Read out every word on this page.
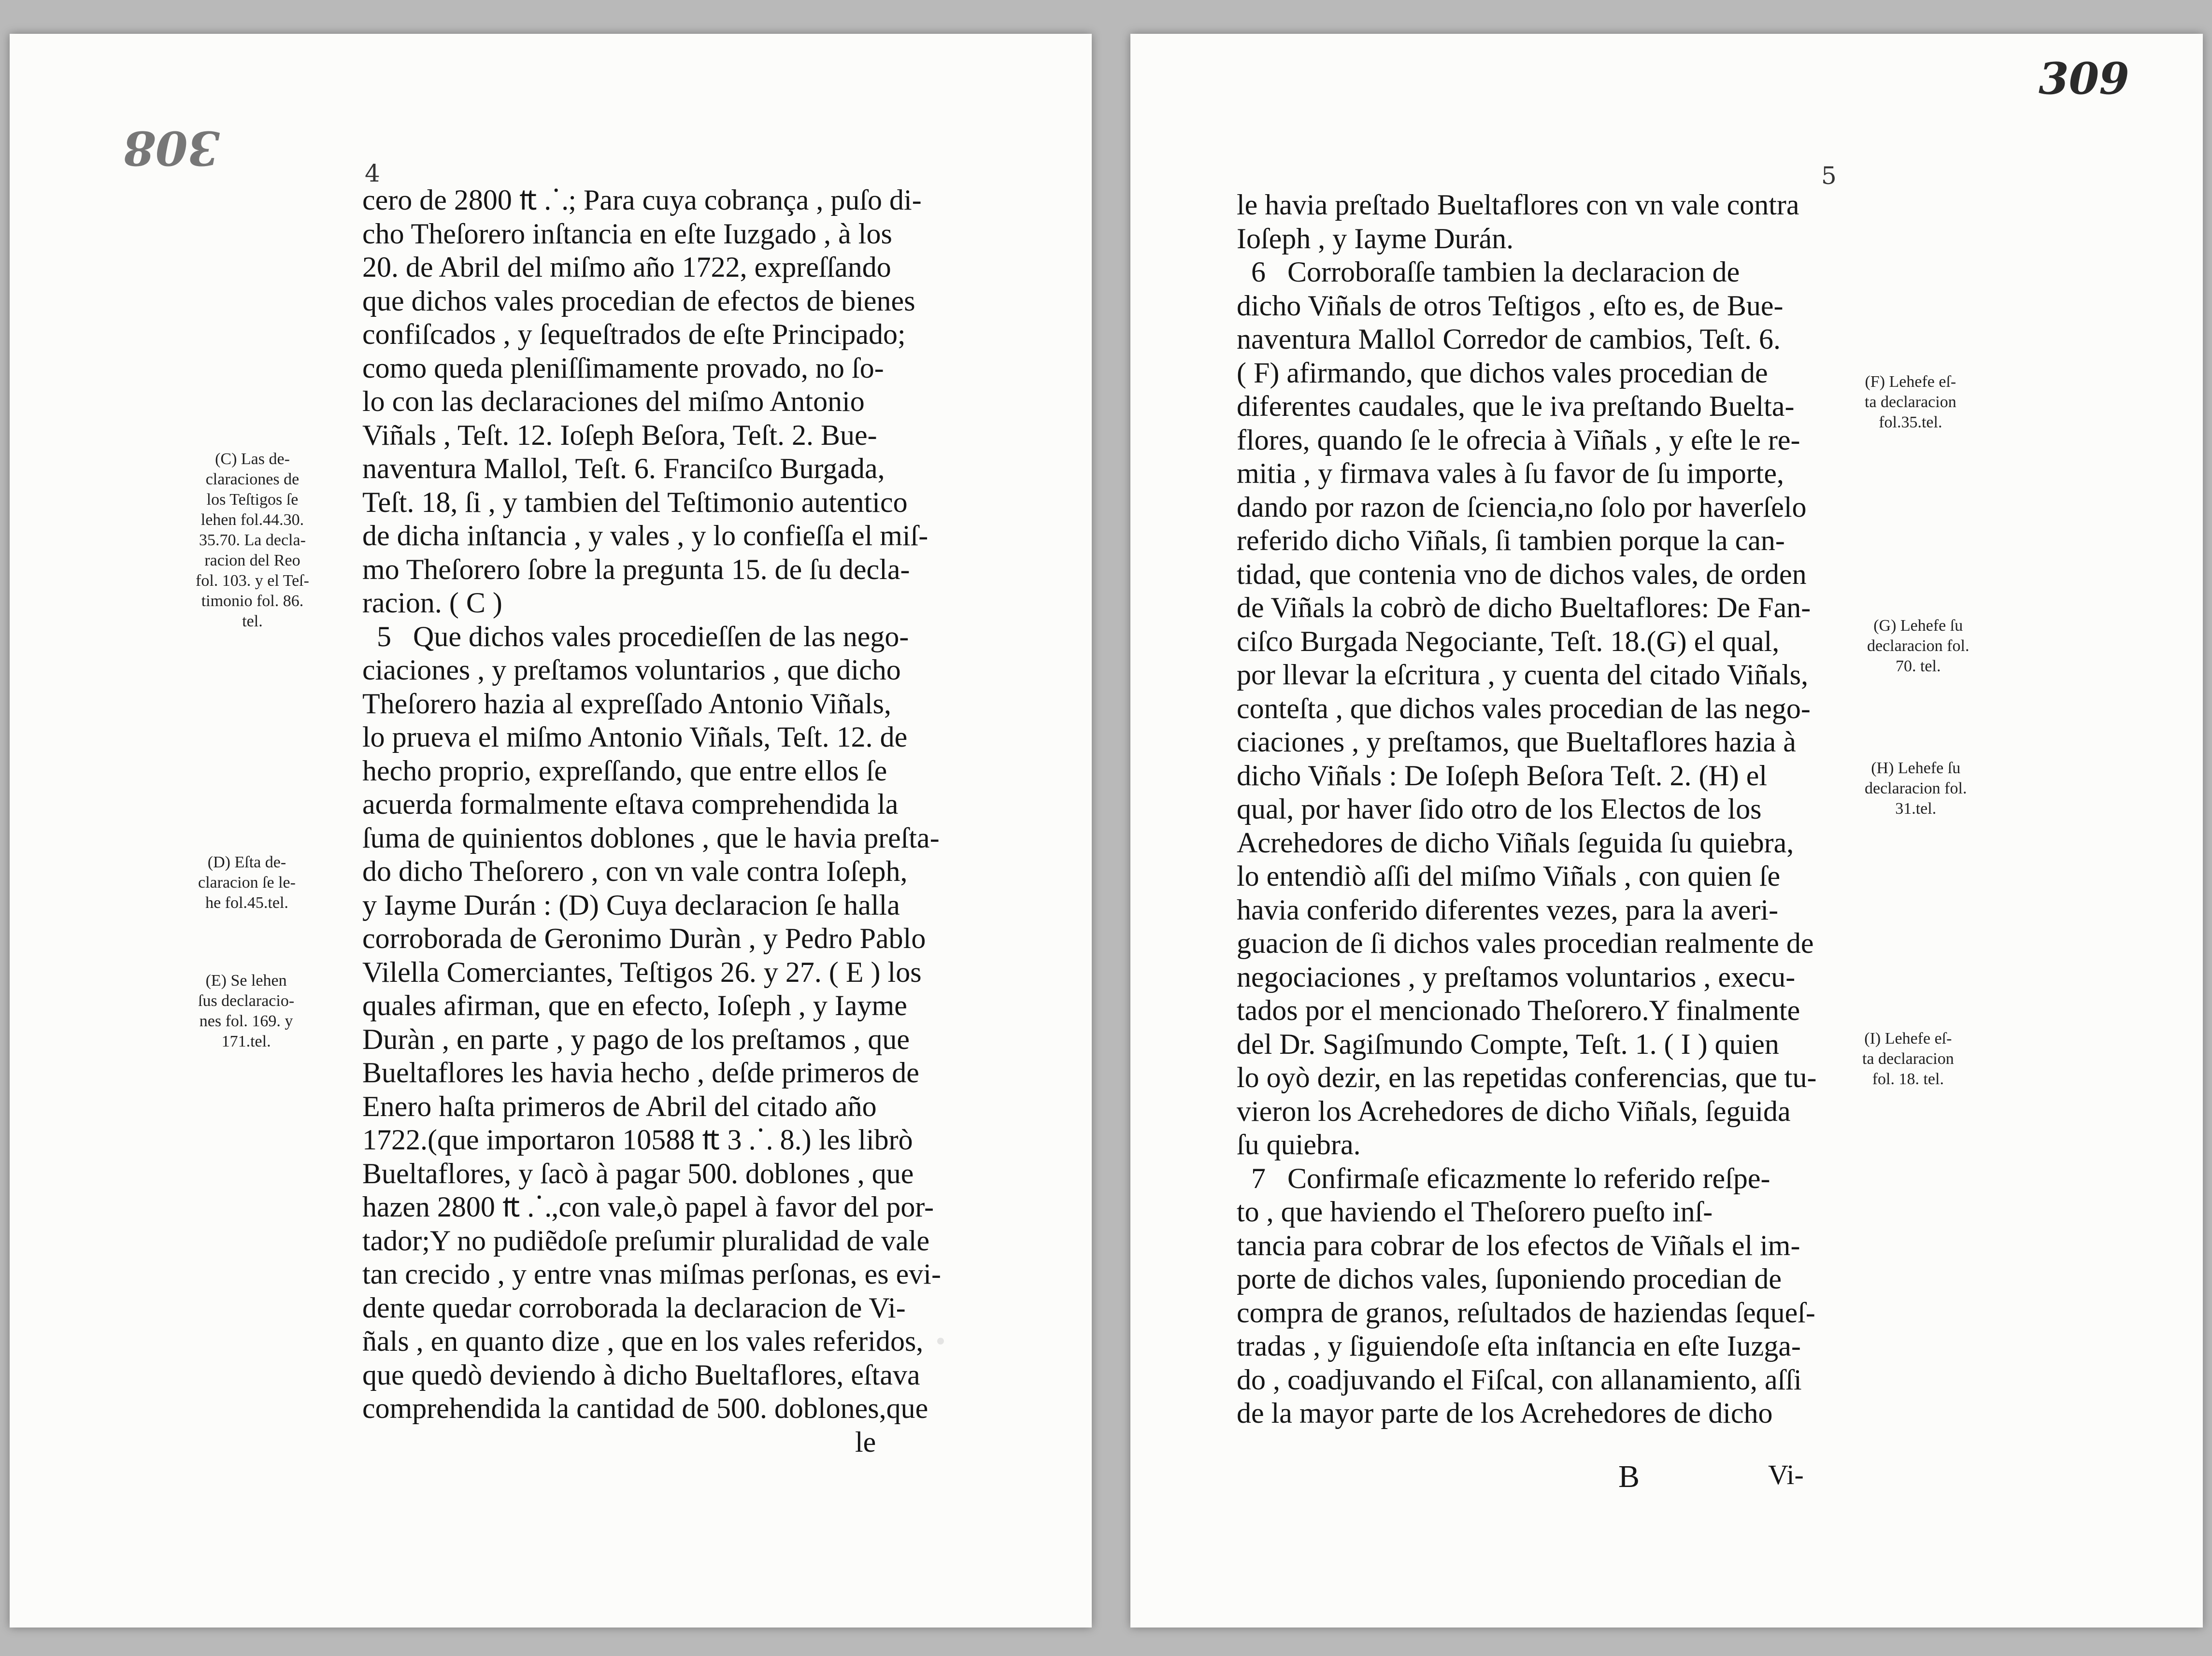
308	4
cero de 2800 ₶ ⸫; Para cuya cobrança , puſo di-
cho Theſorero inſtancia en eſte Iuzgado , à los
20. de Abril del miſmo año 1722, expreſſando
que dichos vales procedian de efectos de bienes
confiſcados , y ſequeſtrados de eſte Principado;
como queda pleniſſimamente provado, no ſo-
lo con las declaraciones del miſmo Antonio
Viñals , Teſt. 12. Ioſeph Beſora, Teſt. 2. Bue-
naventura Mallol, Teſt. 6. Franciſco Burgada,
Teſt. 18, ſi , y tambien del Teſtimonio autentico
de dicha inſtancia , y vales , y lo confieſſa el miſ-
mo Theſorero ſobre la pregunta 15. de ſu decla-
racion. ( C )
5   Que dichos vales procedieſſen de las nego-
ciaciones , y preſtamos voluntarios , que dicho
Theſorero hazia al expreſſado Antonio Viñals,
lo prueva el miſmo Antonio Viñals, Teſt. 12. de
hecho proprio, expreſſando, que entre ellos ſe
acuerda formalmente eſtava comprehendida la
ſuma de quinientos doblones , que le havia preſta-
do dicho Theſorero , con vn vale contra Ioſeph,
y Iayme Durán : (D) Cuya declaracion ſe halla
corroborada de Geronimo Duràn , y Pedro Pablo
Vilella Comerciantes, Teſtigos 26. y 27. ( E ) los
quales afirman, que en efecto, Ioſeph , y Iayme
Duràn , en parte , y pago de los preſtamos , que
Bueltaflores les havia hecho , deſde primeros de
Enero haſta primeros de Abril del citado año
1722.(que importaron 10588 ₶ 3 ⸫ 8.) les librò
Bueltaflores, y ſacò à pagar 500. doblones , que
hazen 2800 ₶ ⸫,con vale,ò papel à favor del por-
tador;Y no pudiẽdoſe preſumir pluralidad de vale
tan crecido , y entre vnas miſmas perſonas, es evi-
dente quedar corroborada la declaracion de Vi-
ñals , en quanto dize , que en los vales referidos,
que quedò deviendo à dicho Bueltaflores, eſtava
comprehendida la cantidad de 500. doblones,que
le
(C) Las de-
claraciones de
los Teſtigos ſe
lehen fol.44.30.
35.70. La decla-
racion del Reo
fol. 103. y el Teſ-
timonio fol. 86.
tel.
(D) Eſta de-
claracion ſe le-
he fol.45.tel.
(E) Se lehen
ſus declaracio-
nes fol. 169. y
171.tel.
309
5
le havia preſtado Bueltaflores con vn vale contra
Ioſeph , y Iayme Durán.
6   Corroboraſſe tambien la declaracion de
dicho Viñals de otros Teſtigos , eſto es, de Bue-
naventura Mallol Corredor de cambios, Teſt. 6.
( F) afirmando, que dichos vales procedian de
diferentes caudales, que le iva preſtando Buelta-
flores, quando ſe le ofrecia à Viñals , y eſte le re-
mitia , y firmava vales à ſu favor de ſu importe,
dando por razon de ſciencia,no ſolo por haverſelo
referido dicho Viñals, ſi tambien porque la can-
tidad, que contenia vno de dichos vales, de orden
de Viñals la cobrò de dicho Bueltaflores: De Fan-
ciſco Burgada Negociante, Teſt. 18.(G) el qual,
por llevar la eſcritura , y cuenta del citado Viñals,
conteſta , que dichos vales procedian de las nego-
ciaciones , y preſtamos, que Bueltaflores hazia à
dicho Viñals : De Ioſeph Beſora Teſt. 2. (H) el
qual, por haver ſido otro de los Electos de los
Acrehedores de dicho Viñals ſeguida ſu quiebra,
lo entendiò aſſi del miſmo Viñals , con quien ſe
havia conferido diferentes vezes, para la averi-
guacion de ſi dichos vales procedian realmente de
negociaciones , y preſtamos voluntarios , execu-
tados por el mencionado Theſorero.Y finalmente
del Dr. Sagiſmundo Compte, Teſt. 1. ( I ) quien
lo oyò dezir, en las repetidas conferencias, que tu-
vieron los Acrehedores de dicho Viñals, ſeguida
ſu quiebra.
7   Confirmaſe eficazmente lo referido reſpe-
to , que haviendo el Theſorero pueſto inſ-
tancia para cobrar de los efectos de Viñals el im-
porte de dichos vales, ſuponiendo procedian de
compra de granos, reſultados de haziendas ſequeſ-
tradas , y ſiguiendoſe eſta inſtancia en eſte Iuzga-
do , coadjuvando el Fiſcal, con allanamiento, aſſi
de la mayor parte de los Acrehedores de dicho
(F) Lehefe eſ-
ta declaracion
fol.35.tel.
(G) Lehefe ſu
declaracion fol.
70. tel.
(H) Lehefe ſu
declaracion fol.
31.tel.
(I) Lehefe eſ-
ta declaracion
fol. 18. tel.
B	Vi-
